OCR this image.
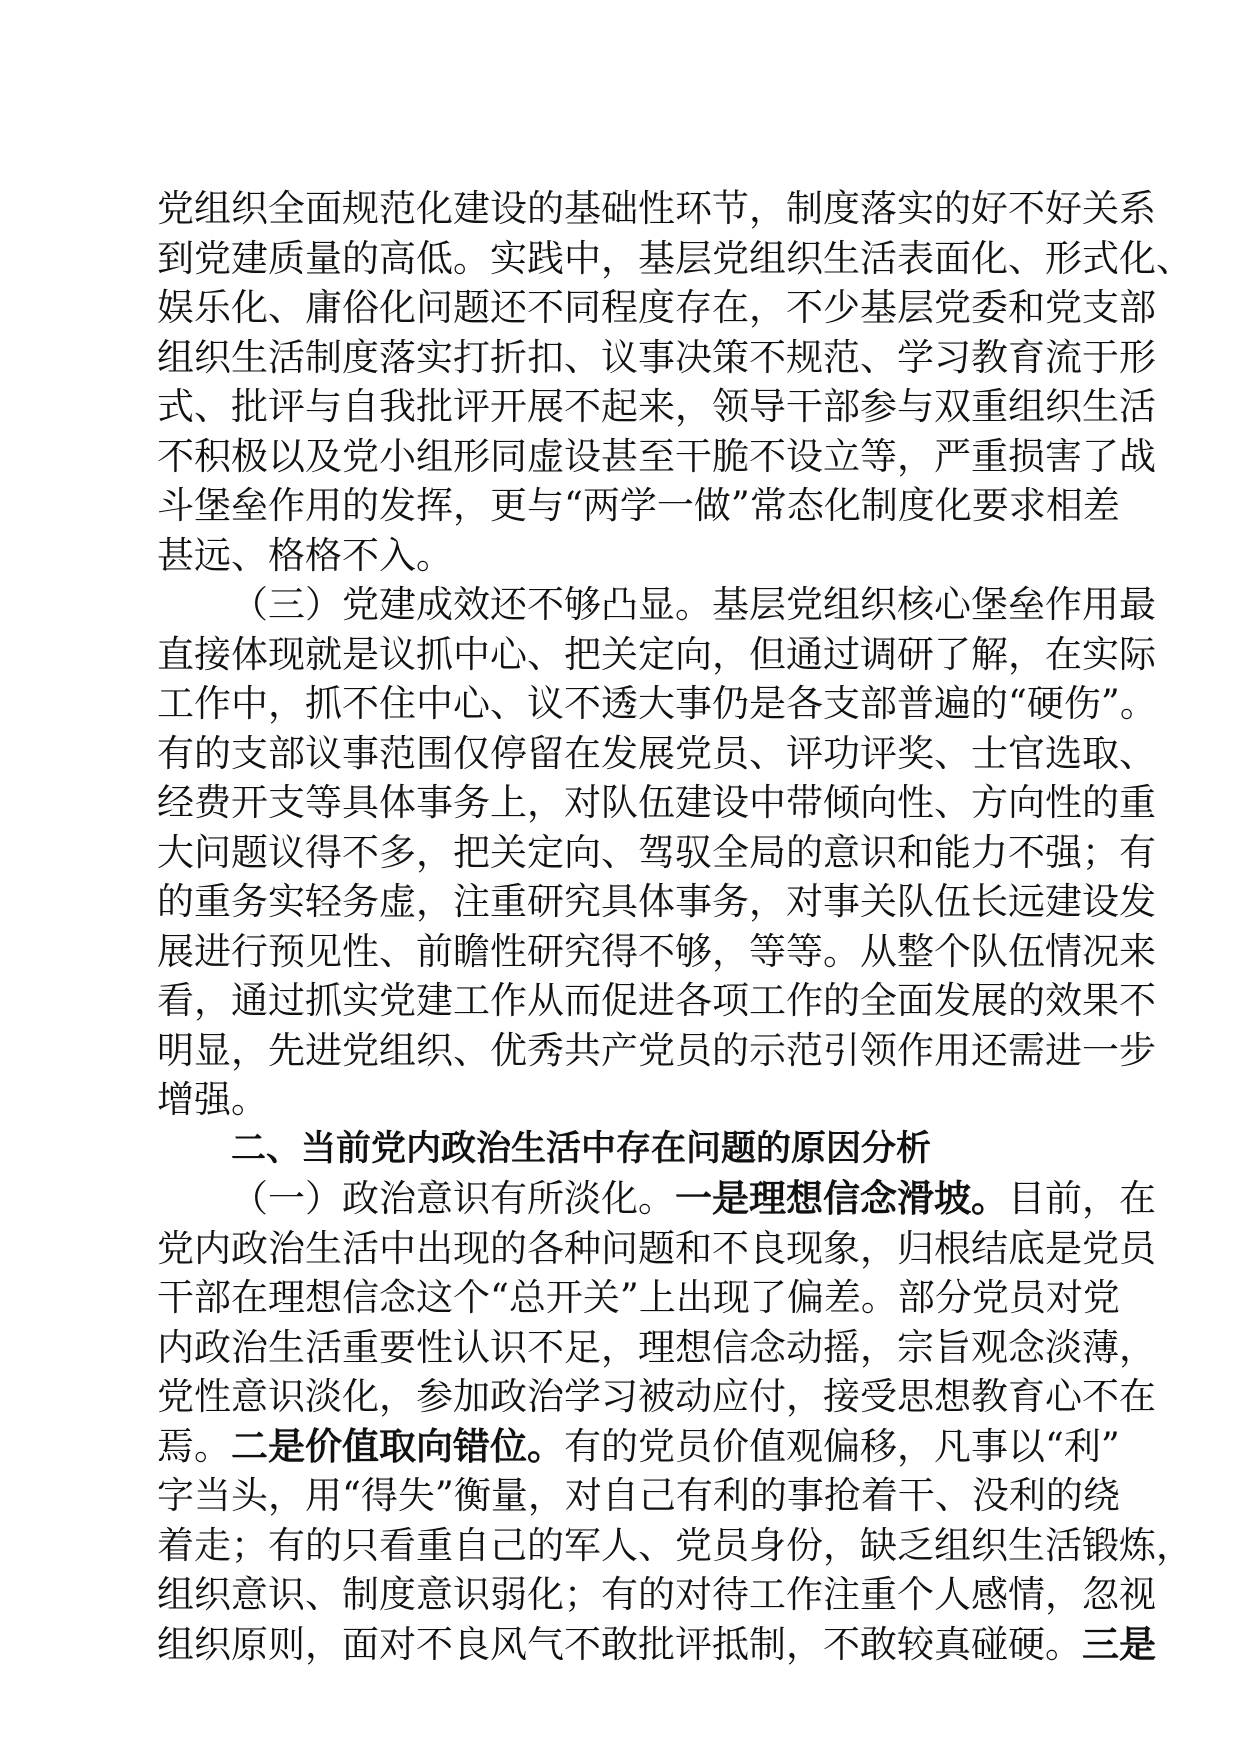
党组织全面规范化建设的基础性环节，制度落实的好不好关系
到党建质量的高低。实践中，基层党组织生活表面化、形式化、
娱乐化、庸俗化问题还不同程度存在，不少基层党委和党支部
组织生活制度落实打折扣、议事决策不规范、学习教育流于形
式、批评与自我批评开展不起来，领导干部参与双重组织生活
不积极以及党小组形同虚设甚至干脆不设立等，严重损害了战
斗堡垒作用的发挥，更与“两学一做”常态化制度化要求相差
甚远、格格不入。
（三）党建成效还不够凸显。基层党组织核心堡垒作用最
直接体现就是议抓中心、把关定向，但通过调研了解，在实际
工作中，抓不住中心、议不透大事仍是各支部普遍的“硬伤”。
有的支部议事范围仅停留在发展党员、评功评奖、士官选取、
经费开支等具体事务上，对队伍建设中带倾向性、方向性的重
大问题议得不多，把关定向、驾驭全局的意识和能力不强；有
的重务实轻务虚，注重研究具体事务，对事关队伍长远建设发
展进行预见性、前瞻性研究得不够，等等。从整个队伍情况来
看，通过抓实党建工作从而促进各项工作的全面发展的效果不
明显，先进党组织、优秀共产党员的示范引领作用还需进一步
增强。
二、当前党内政治生活中存在问题的原因分析
（一）政治意识有所淡化。一是理想信念滑坡。目前，在
党内政治生活中出现的各种问题和不良现象，归根结底是党员
干部在理想信念这个“总开关”上出现了偏差。部分党员对党
内政治生活重要性认识不足，理想信念动摇，宗旨观念淡薄，
党性意识淡化，参加政治学习被动应付，接受思想教育心不在
焉。二是价值取向错位。有的党员价值观偏移，凡事以“利”
字当头，用“得失”衡量，对自己有利的事抢着干、没利的绕
着走；有的只看重自己的军人、党员身份，缺乏组织生活锻炼，
组织意识、制度意识弱化；有的对待工作注重个人感情，忽视
组织原则，面对不良风气不敢批评抵制，不敢较真碰硬。三是
